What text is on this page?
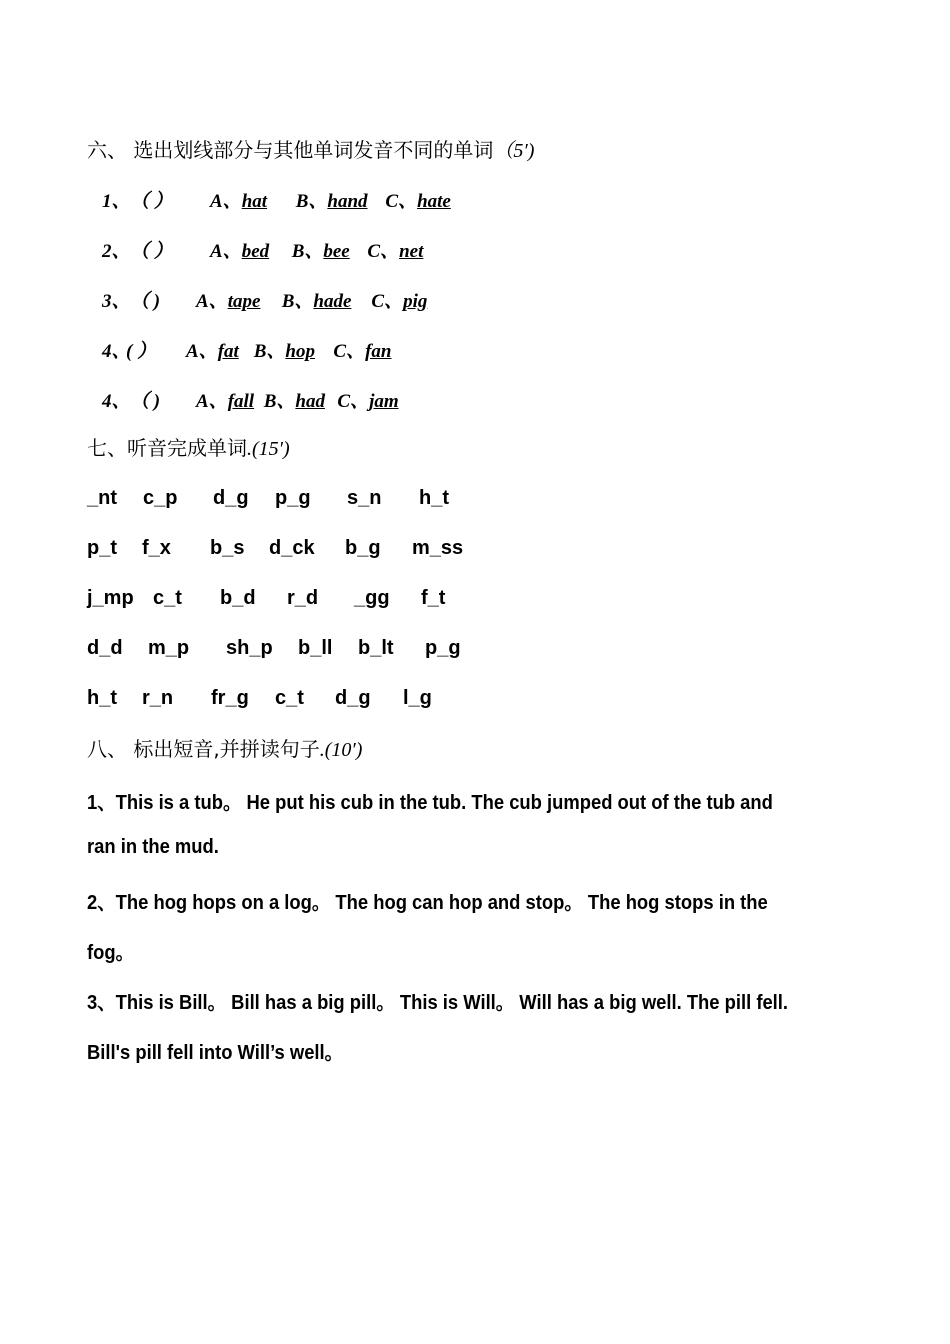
六、 选出划线部分与其他单词发音不同的单词（5′)
1、（ ） A、hat B、hand C、hate
2、（ ） A、bed B、bee C、net
3、（ ) A、tape B、hade C、pig
4、( ） A、fat B、hop C、fan
4、（ ) A、fall B、had C、jam
七、听音完成单词.(15′)
_nt c_p d_g p_g s_n h_t
p_t f_x b_s d_ck b_g m_ss
j_mp c_t b_d r_d _gg f_t
d_d m_p sh_p b_ll b_lt p_g
h_t r_n fr_g c_t d_g l_g
八、 标出短音,并拼读句子.(10′)
1、This is a tub。 He put his cub in the tub. The cub jumped out of the tub and
ran in the mud.
2、The hog hops on a log。 The hog can hop and stop。 The hog stops in the
fog。
3、This is Bill。 Bill has a big pill。 This is Will。 Will has a big well. The pill fell.
Bill's pill fell into Will’s well。
